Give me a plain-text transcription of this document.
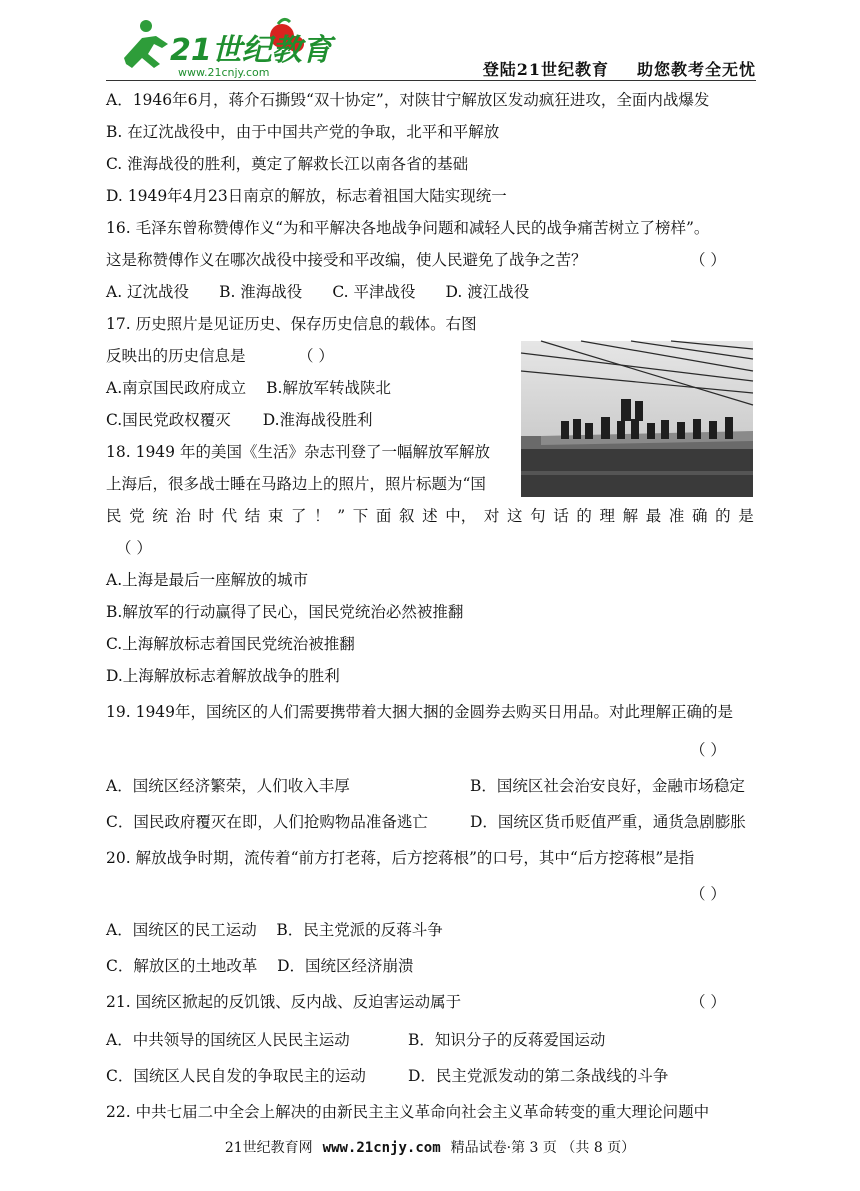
21世纪教育
www.21cnjy.com	登陆21世纪教育 助您教考全无忧
A．1946年6月，蒋介石撕毁“双十协定”，对陕甘宁解放区发动疯狂进攻，全面内战爆发
B. 在辽沈战役中，由于中国共产党的争取，北平和平解放
C. 淮海战役的胜利，奠定了解救长江以南各省的基础
D. 1949年4月23日南京的解放，标志着祖国大陆实现统一
16. 毛泽东曾称赞傅作义“为和平解决各地战争问题和减轻人民的战争痛苦树立了榜样”。
这是称赞傅作义在哪次战役中接受和平改编，使人民避免了战争之苦？	（ ）
A. 辽沈战役 B. 淮海战役 C. 平津战役 D. 渡江战役
17. 历史照片是见证历史、保存历史信息的载体。右图
反映出的历史信息是	（ ）
A.南京国民政府成立 B.解放军转战陕北
C.国民党政权覆灭 D.淮海战役胜利
18. 1949 年的美国《生活》杂志刊登了一幅解放军解放
上海后，很多战士睡在马路边上的照片，照片标题为“国
民 党 统 治 时 代 结 束 了 ！ ” 下 面 叙 述 中， 对 这 句 话 的 理 解 最 准 确 的 是
（ ）
A.上海是最后一座解放的城市
B.解放军的行动赢得了民心，国民党统治必然被推翻
C.上海解放标志着国民党统治被推翻
D.上海解放标志着解放战争的胜利
19. 1949年，国统区的人们需要携带着大捆大捆的金圆券去购买日用品。对此理解正确的是
（ ）
A．国统区经济繁荣，人们收入丰厚	B．国统区社会治安良好，金融市场稳定
C．国民政府覆灭在即，人们抢购物品准备逃亡	D．国统区货币贬值严重，通货急剧膨胀
20. 解放战争时期，流传着“前方打老蒋，后方挖蒋根”的口号，其中“后方挖蒋根”是指
（ ）
A．国统区的民工运动    B．民主党派的反蒋斗争
C．解放区的土地改革    D．国统区经济崩溃
21. 国统区掀起的反饥饿、反内战、反迫害运动属于	（ ）
A．中共领导的国统区人民民主运动	B．知识分子的反蒋爱国运动
C．国统区人民自发的争取民主的运动	D．民主党派发动的第二条战线的斗争
22. 中共七届二中全会上解决的由新民主主义革命向社会主义革命转变的重大理论问题中
21世纪教育网 www.21cnjy.com 精品试卷·第 3 页 （共 8 页）
